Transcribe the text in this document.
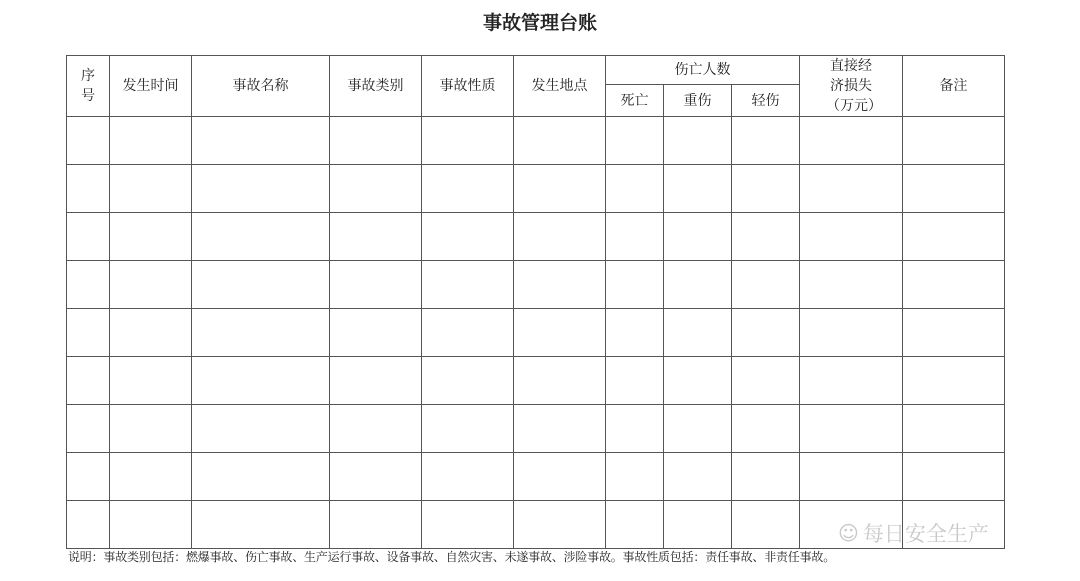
事故管理台账
序号	发生时间	事故名称	事故类别	事故性质	发生地点	伤亡人数			直接经济损失（万元）	备注
						死亡	重伤	轻伤		

说明：事故类别包括：燃爆事故、伤亡事故、生产运行事故、设备事故、自然灾害、未遂事故、涉险事故。事故性质包括：责任事故、非责任事故。
☺ 每日安全生产
